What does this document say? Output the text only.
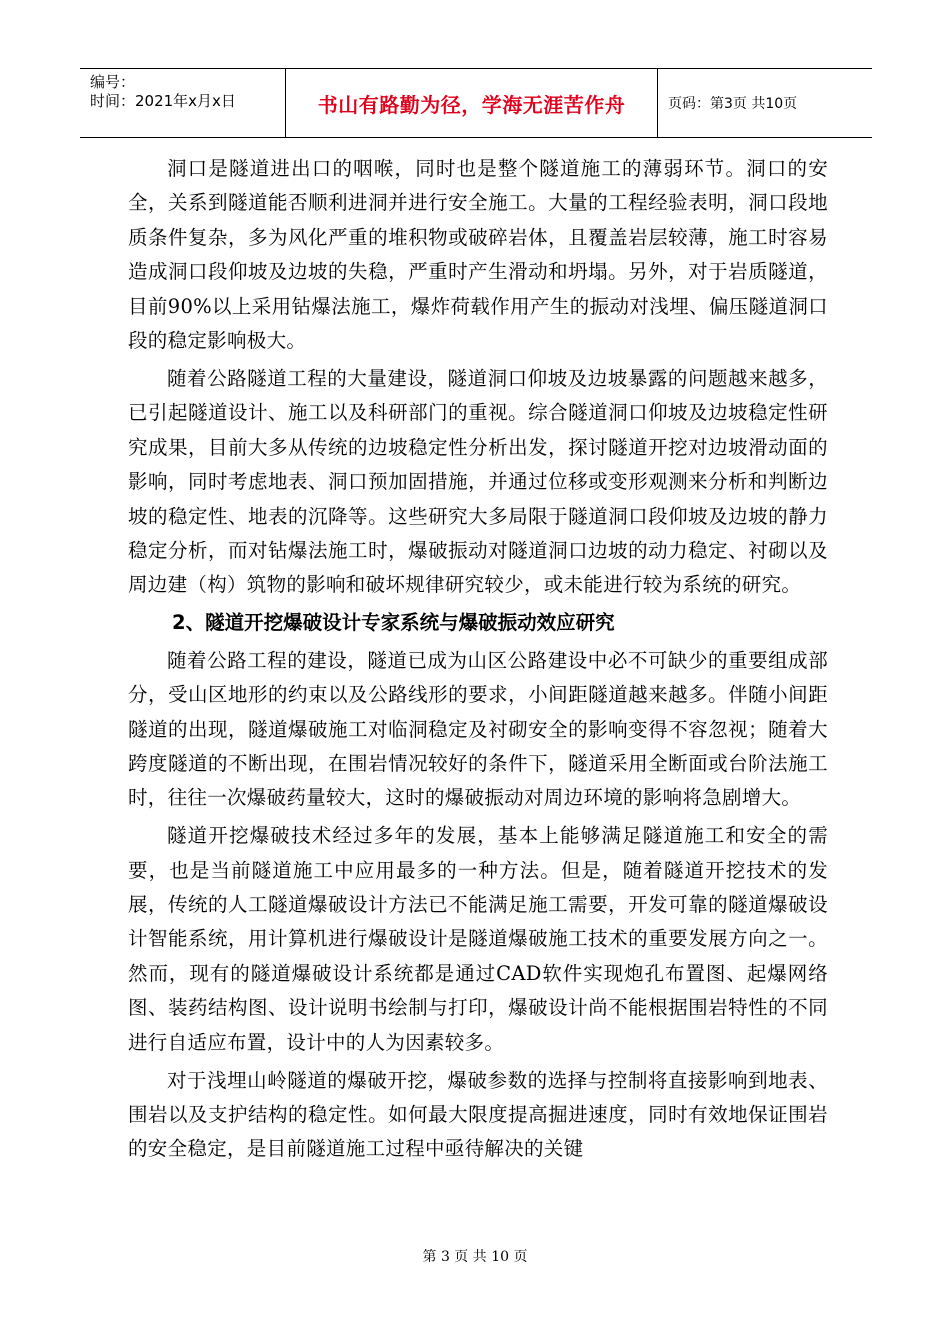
编号：
时间：2021年x月x日	书山有路勤为径，学海无涯苦作舟	页码：第3页 共10页

洞口是隧道进出口的咽喉，同时也是整个隧道施工的薄弱环节。洞口的安全，关系到隧道能否顺利进洞并进行安全施工。大量的工程经验表明，洞口段地质条件复杂，多为风化严重的堆积物或破碎岩体，且覆盖岩层较薄，施工时容易造成洞口段仰坡及边坡的失稳，严重时产生滑动和坍塌。另外，对于岩质隧道，目前90%以上采用钻爆法施工，爆炸荷载作用产生的振动对浅埋、偏压隧道洞口段的稳定影响极大。

随着公路隧道工程的大量建设，隧道洞口仰坡及边坡暴露的问题越来越多，已引起隧道设计、施工以及科研部门的重视。综合隧道洞口仰坡及边坡稳定性研究成果，目前大多从传统的边坡稳定性分析出发，探讨隧道开挖对边坡滑动面的影响，同时考虑地表、洞口预加固措施，并通过位移或变形观测来分析和判断边坡的稳定性、地表的沉降等。这些研究大多局限于隧道洞口段仰坡及边坡的静力稳定分析，而对钻爆法施工时，爆破振动对隧道洞口边坡的动力稳定、衬砌以及周边建（构）筑物的影响和破坏规律研究较少，或未能进行较为系统的研究。

2、隧道开挖爆破设计专家系统与爆破振动效应研究

随着公路工程的建设，隧道已成为山区公路建设中必不可缺少的重要组成部分，受山区地形的约束以及公路线形的要求，小间距隧道越来越多。伴随小间距隧道的出现，隧道爆破施工对临洞稳定及衬砌安全的影响变得不容忽视；随着大跨度隧道的不断出现，在围岩情况较好的条件下，隧道采用全断面或台阶法施工时，往往一次爆破药量较大，这时的爆破振动对周边环境的影响将急剧增大。

隧道开挖爆破技术经过多年的发展，基本上能够满足隧道施工和安全的需要，也是当前隧道施工中应用最多的一种方法。但是，随着隧道开挖技术的发展，传统的人工隧道爆破设计方法已不能满足施工需要，开发可靠的隧道爆破设计智能系统，用计算机进行爆破设计是隧道爆破施工技术的重要发展方向之一。然而，现有的隧道爆破设计系统都是通过CAD软件实现炮孔布置图、起爆网络图、装药结构图、设计说明书绘制与打印，爆破设计尚不能根据围岩特性的不同进行自适应布置，设计中的人为因素较多。

对于浅埋山岭隧道的爆破开挖，爆破参数的选择与控制将直接影响到地表、围岩以及支护结构的稳定性。如何最大限度提高掘进速度，同时有效地保证围岩的安全稳定，是目前隧道施工过程中亟待解决的关键

第 3 页 共 10 页
